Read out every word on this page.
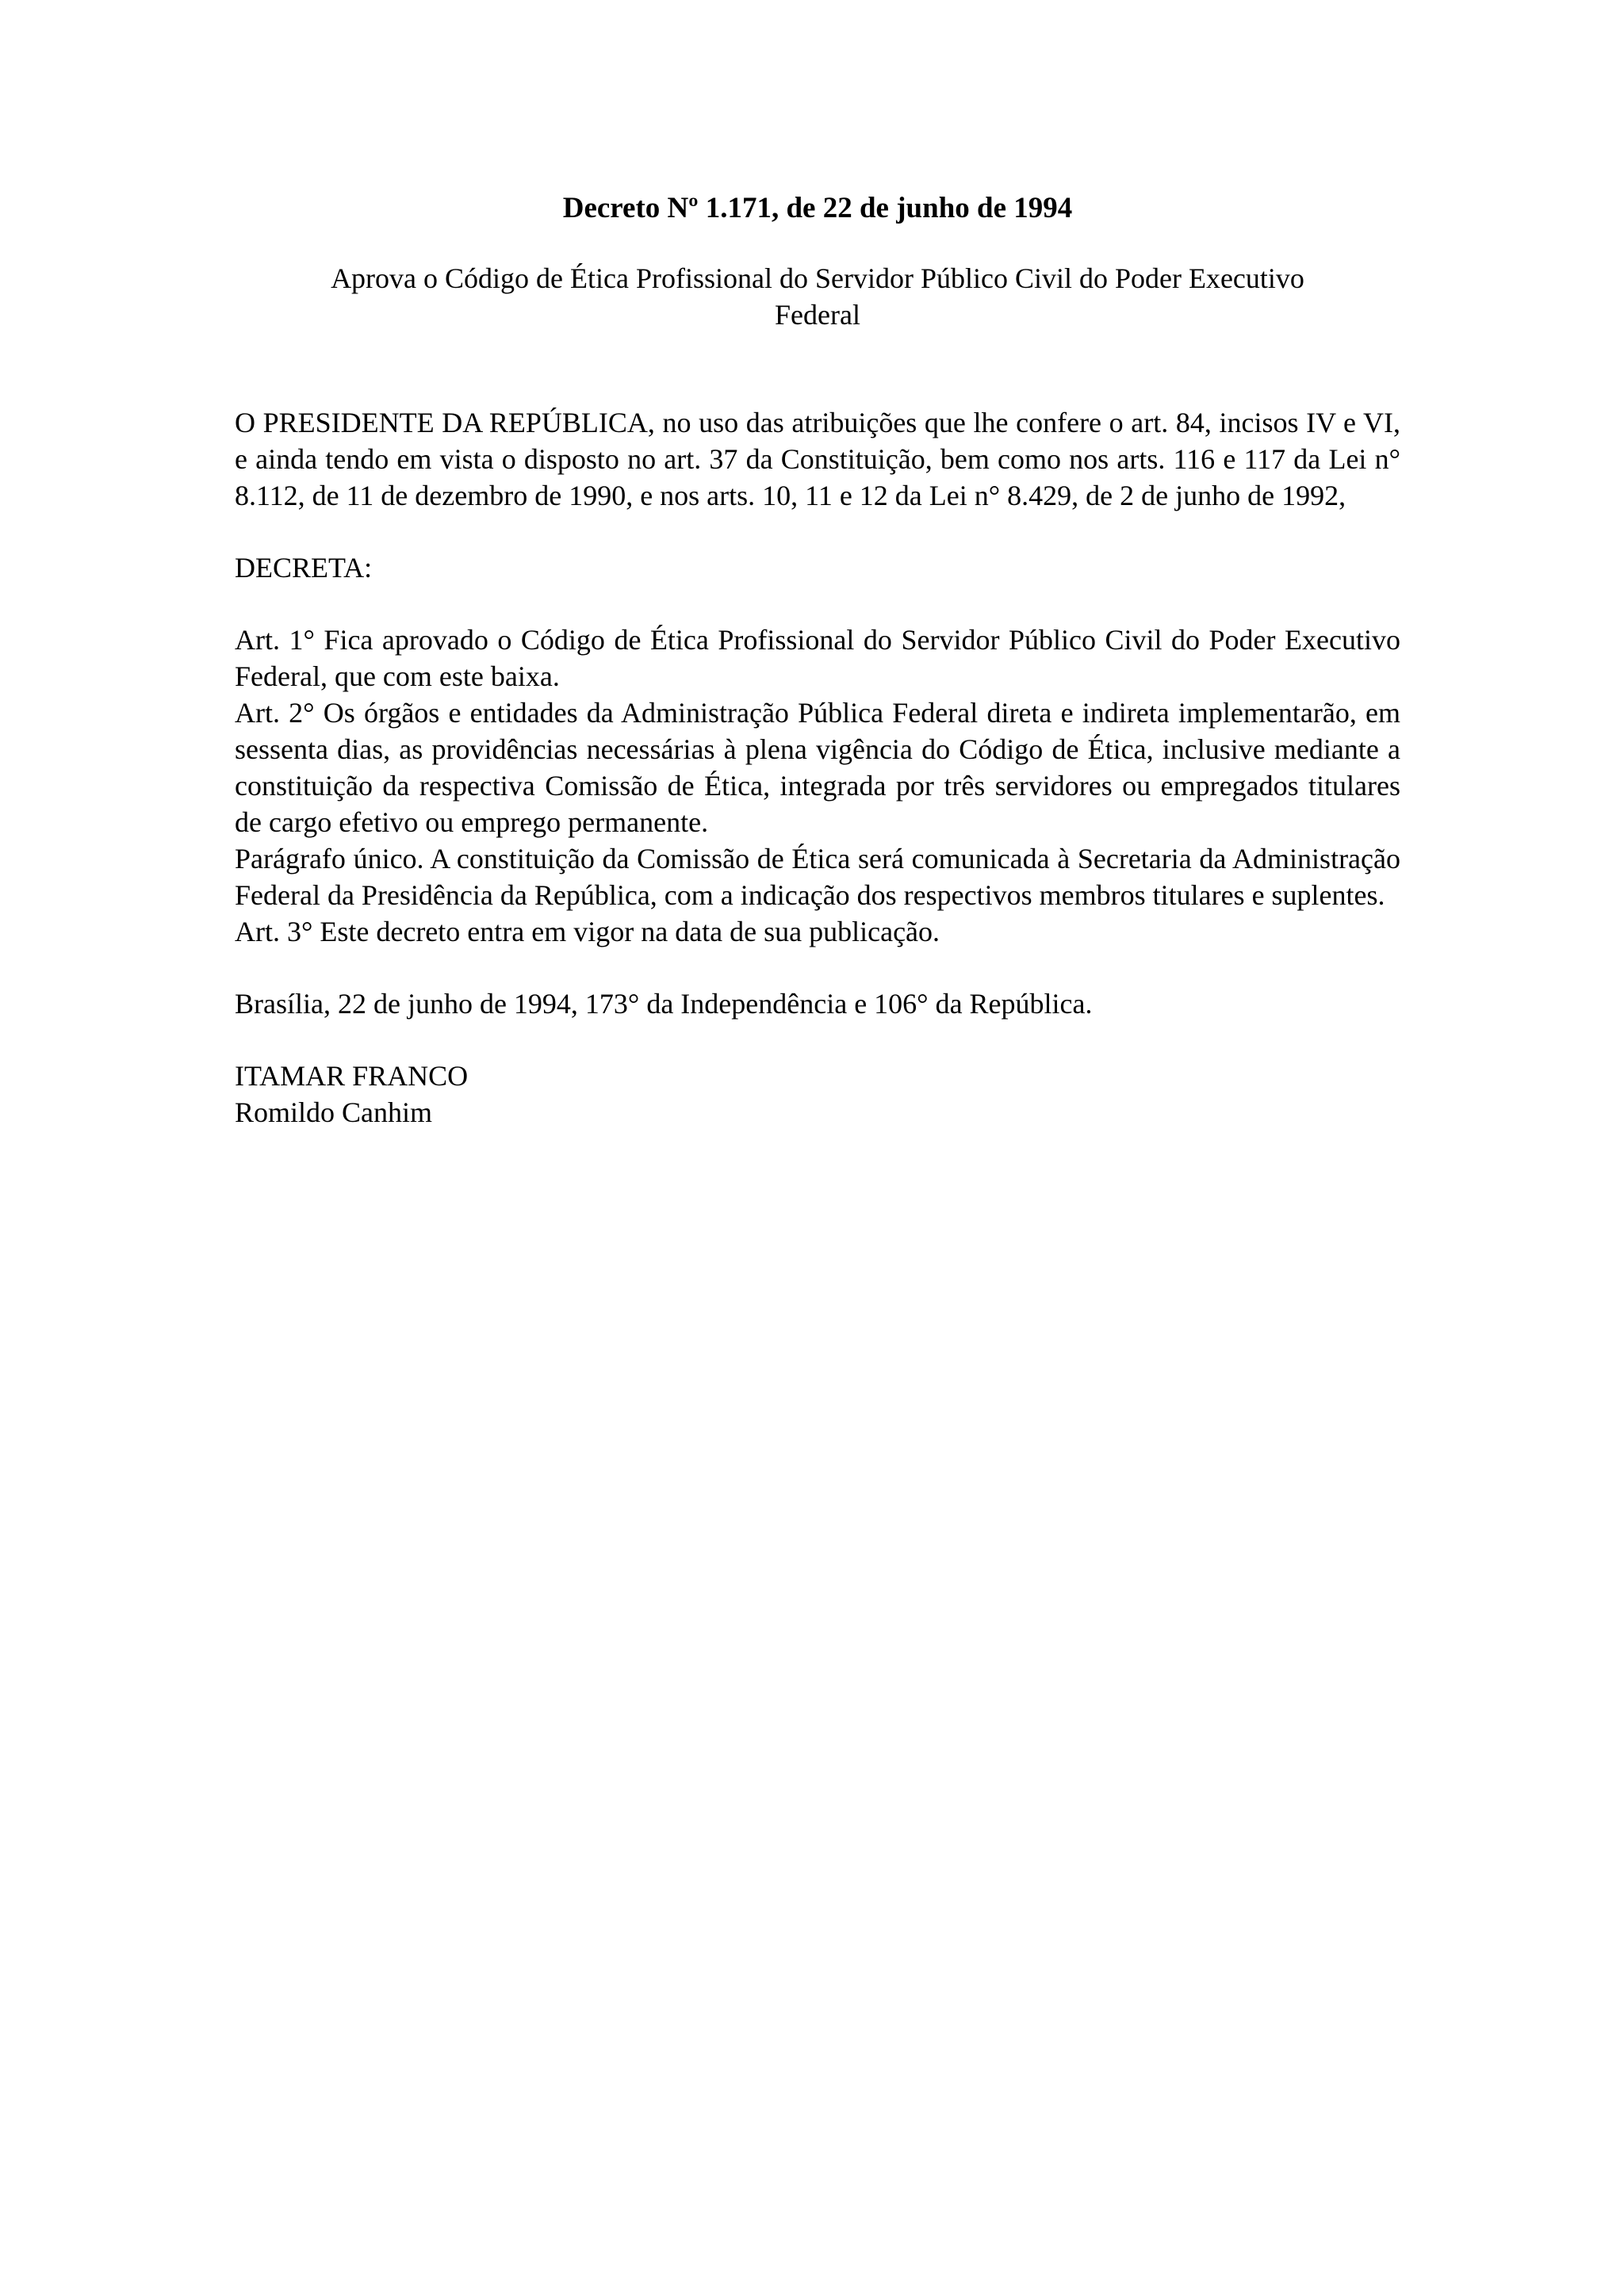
Decreto Nº 1.171, de 22 de junho de 1994

Aprova o Código de Ética Profissional do Servidor Público Civil do Poder Executivo Federal

O PRESIDENTE DA REPÚBLICA, no uso das atribuições que lhe confere o art. 84, incisos IV e VI, e ainda tendo em vista o disposto no art. 37 da Constituição, bem como nos arts. 116 e 117 da Lei n° 8.112, de 11 de dezembro de 1990, e nos arts. 10, 11 e 12 da Lei n° 8.429, de 2 de junho de 1992,

DECRETA:

Art. 1° Fica aprovado o Código de Ética Profissional do Servidor Público Civil do Poder Executivo Federal, que com este baixa.

Art. 2° Os órgãos e entidades da Administração Pública Federal direta e indireta implementarão, em sessenta dias, as providências necessárias à plena vigência do Código de Ética, inclusive mediante a constituição da respectiva Comissão de Ética, integrada por três servidores ou empregados titulares de cargo efetivo ou emprego permanente.

Parágrafo único. A constituição da Comissão de Ética será comunicada à Secretaria da Administração Federal da Presidência da República, com a indicação dos respectivos membros titulares e suplentes.

Art. 3° Este decreto entra em vigor na data de sua publicação.

Brasília, 22 de junho de 1994, 173° da Independência e 106° da República.

ITAMAR FRANCO
Romildo Canhim
